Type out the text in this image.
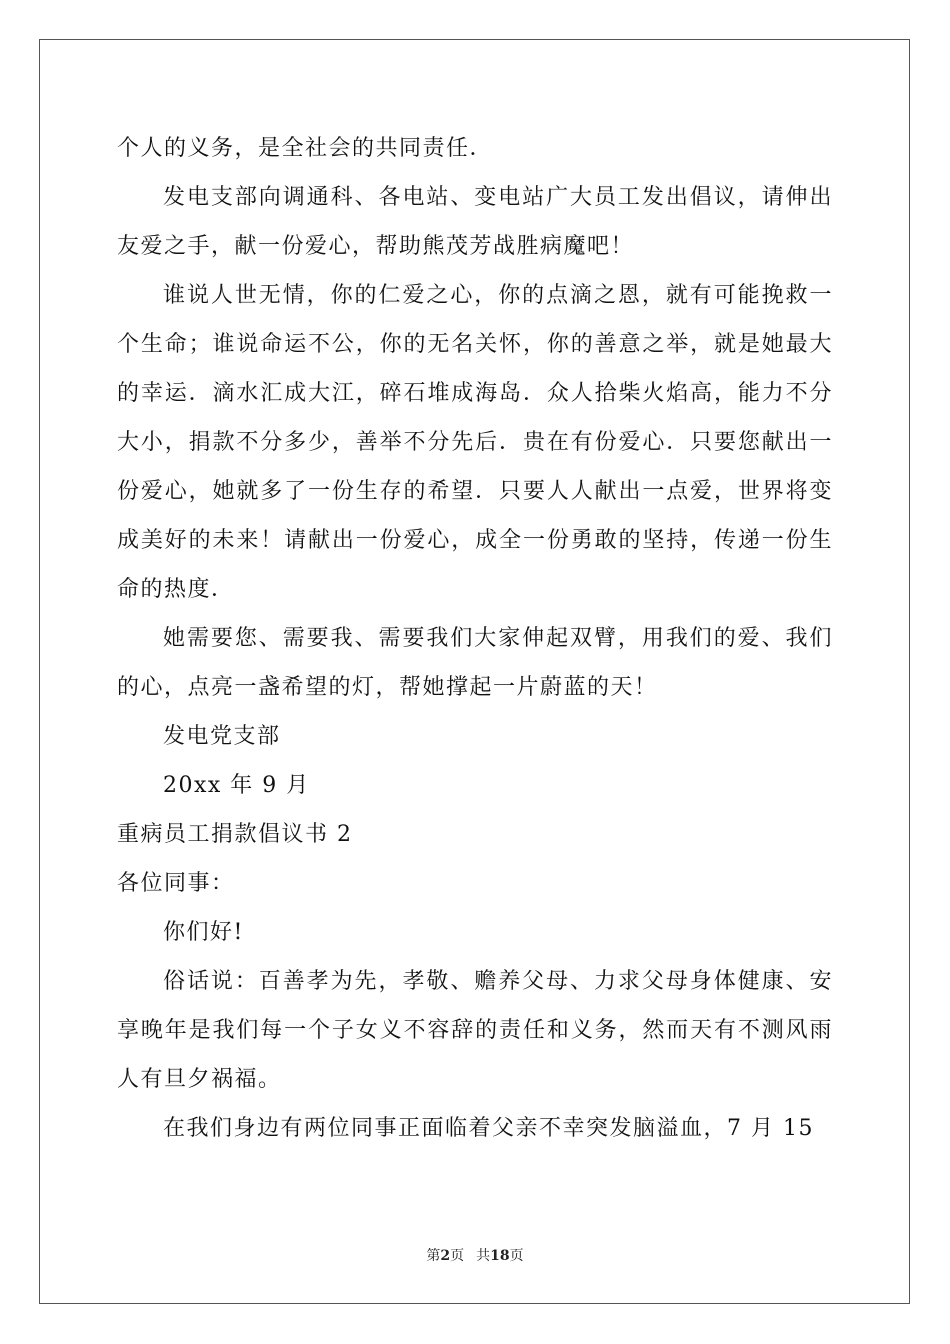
个人的义务，是全社会的共同责任．

发电支部向调通科、各电站、变电站广大员工发出倡议，请伸出友爱之手，献一份爱心，帮助熊茂芳战胜病魔吧！

谁说人世无情，你的仁爱之心，你的点滴之恩，就有可能挽救一个生命；谁说命运不公，你的无名关怀，你的善意之举，就是她最大的幸运．滴水汇成大江，碎石堆成海岛．众人拾柴火焰高，能力不分大小，捐款不分多少，善举不分先后．贵在有份爱心．只要您献出一份爱心，她就多了一份生存的希望．只要人人献出一点爱，世界将变成美好的未来！请献出一份爱心，成全一份勇敢的坚持，传递一份生命的热度．

她需要您、需要我、需要我们大家伸起双臂，用我们的爱、我们的心，点亮一盏希望的灯，帮她撑起一片蔚蓝的天！

发电党支部

20xx 年 9 月

重病员工捐款倡议书 2

各位同事：

你们好!

俗话说：百善孝为先，孝敬、赡养父母、力求父母身体健康、安享晚年是我们每一个子女义不容辞的责任和义务，然而天有不测风雨人有旦夕祸福。

在我们身边有两位同事正面临着父亲不幸突发脑溢血，7 月 15

第2页 共18页
